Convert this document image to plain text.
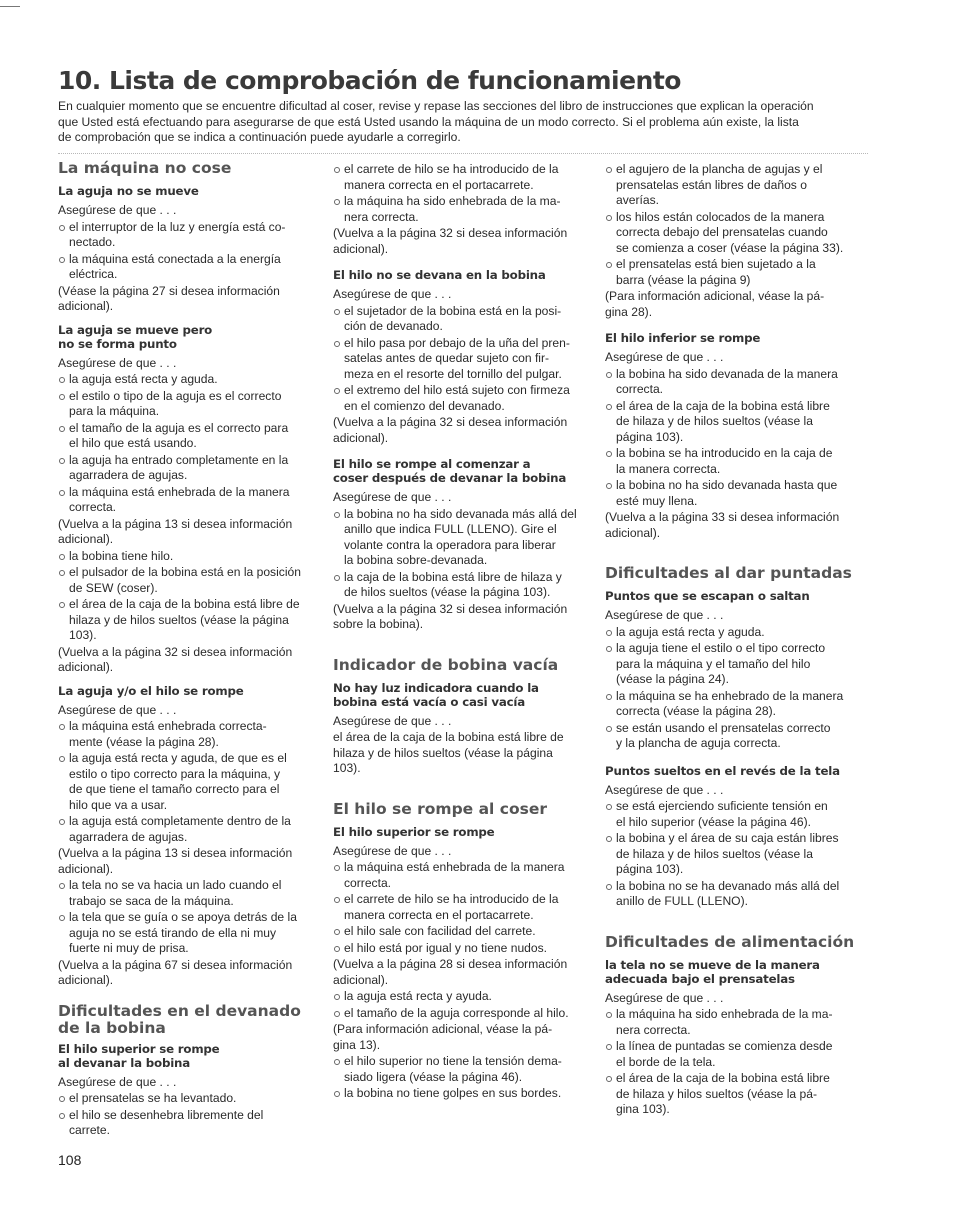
10. Lista de comprobación de funcionamiento

En cualquier momento que se encuentre dificultad al coser, revise y repase las secciones del libro de instrucciones que explican la operación
que Usted está efectuando para asegurarse de que está Usted usando la máquina de un modo correcto. Si el problema aún existe, la lista
de comprobación que se indica a continuación puede ayudarle a corregirlo.

La máquina no cose
La aguja no se mueve

Asegúrese de que . . .

el interruptor de la luz y energía está co-
nectado.

la máquina está conectada a la energía
eléctrica.

(Véase la página 27 si desea información
adicional).

La aguja se mueve pero
no se forma punto

Asegúrese de que . . .

la aguja está recta y aguda.

el estilo o tipo de la aguja es el correcto
para la máquina.

el tamaño de la aguja es el correcto para
el hilo que está usando.

la aguja ha entrado completamente en la
agarradera de agujas.

la máquina está enhebrada de la manera
correcta.

(Vuelva a la página 13 si desea información
adicional).

la bobina tiene hilo.

el pulsador de la bobina está en la posición
de SEW (coser).

el área de la caja de la bobina está libre de
hilaza y de hilos sueltos (véase la página
103).

(Vuelva a la página 32 si desea información
adicional).

La aguja y/o el hilo se rompe

Asegúrese de que . . .

la máquina está enhebrada correcta-
mente (véase la página 28).

la aguja está recta y aguda, de que es el
estilo o tipo correcto para la máquina, y
de que tiene el tamaño correcto para el
hilo que va a usar.

la aguja está completamente dentro de la
agarradera de agujas.

(Vuelva a la página 13 si desea información
adicional).

la tela no se va hacia un lado cuando el
trabajo se saca de la máquina.

la tela que se guía o se apoya detrás de la
aguja no se está tirando de ella ni muy
fuerte ni muy de prisa.

(Vuelva a la página 67 si desea información
adicional).

Dificultades en el devanado
de la bobina
El hilo superior se rompe
al devanar la bobina

Asegúrese de que . . .

el prensatelas se ha levantado.

el hilo se desenhebra libremente del
carrete.

el carrete de hilo se ha introducido de la
manera correcta en el portacarrete.

la máquina ha sido enhebrada de la ma-
nera correcta.

(Vuelva a la página 32 si desea información
adicional).

El hilo no se devana en la bobina

Asegúrese de que . . .

el sujetador de la bobina está en la posi-
ción de devanado.

el hilo pasa por debajo de la uña del pren-
satelas antes de quedar sujeto con fir-
meza en el resorte del tornillo del pulgar.

el extremo del hilo está sujeto con firmeza
en el comienzo del devanado.

(Vuelva a la página 32 si desea información
adicional).

El hilo se rompe al comenzar a
coser después de devanar la bobina

Asegúrese de que . . .

la bobina no ha sido devanada más allá del
anillo que indica FULL (LLENO). Gire el
volante contra la operadora para liberar
la bobina sobre-devanada.

la caja de la bobina está libre de hilaza y
de hilos sueltos (véase la página 103).

(Vuelva a la página 32 si desea información
sobre la bobina).

Indicador de bobina vacía
No hay luz indicadora cuando la
bobina está vacía o casi vacía

Asegúrese de que . . .

el área de la caja de la bobina está libre de
hilaza y de hilos sueltos (véase la página
103).

El hilo se rompe al coser
El hilo superior se rompe

Asegúrese de que . . .

la máquina está enhebrada de la manera
correcta.

el carrete de hilo se ha introducido de la
manera correcta en el portacarrete.

el hilo sale con facilidad del carrete.

el hilo está por igual y no tiene nudos.

(Vuelva a la página 28 si desea información
adicional).

la aguja está recta y ayuda.

el tamaño de la aguja corresponde al hilo.

(Para información adicional, véase la pá-
gina 13).

el hilo superior no tiene la tensión dema-
siado ligera (véase la página 46).

la bobina no tiene golpes en sus bordes.

el agujero de la plancha de agujas y el
prensatelas están libres de daños o
averías.

los hilos están colocados de la manera
correcta debajo del prensatelas cuando
se comienza a coser (véase la página 33).

el prensatelas está bien sujetado a la
barra (véase la página 9)

(Para información adicional, véase la pá-
gina 28).

El hilo inferior se rompe

Asegúrese de que . . .

la bobina ha sido devanada de la manera
correcta.

el área de la caja de la bobina está libre
de hilaza y de hilos sueltos (véase la
página 103).

la bobina se ha introducido en la caja de
la manera correcta.

la bobina no ha sido devanada hasta que
esté muy llena.

(Vuelva a la página 33 si desea información
adicional).

Dificultades al dar puntadas
Puntos que se escapan o saltan

Asegúrese de que . . .

la aguja está recta y aguda.

la aguja tiene el estilo o el tipo correcto
para la máquina y el tamaño del hilo
(véase la página 24).

la máquina se ha enhebrado de la manera
correcta (véase la página 28).

se están usando el prensatelas correcto
y la plancha de aguja correcta.

Puntos sueltos en el revés de la tela

Asegúrese de que . . .

se está ejerciendo suficiente tensión en
el hilo superior (véase la página 46).

la bobina y el área de su caja están libres
de hilaza y de hilos sueltos (véase la
página 103).

la bobina no se ha devanado más allá del
anillo de FULL (LLENO).

Dificultades de alimentación
la tela no se mueve de la manera
adecuada bajo el prensatelas

Asegúrese de que . . .

la máquina ha sido enhebrada de la ma-
nera correcta.

la línea de puntadas se comienza desde
el borde de la tela.

el área de la caja de la bobina está libre
de hilaza y hilos sueltos (véase la pá-
gina 103).

108
